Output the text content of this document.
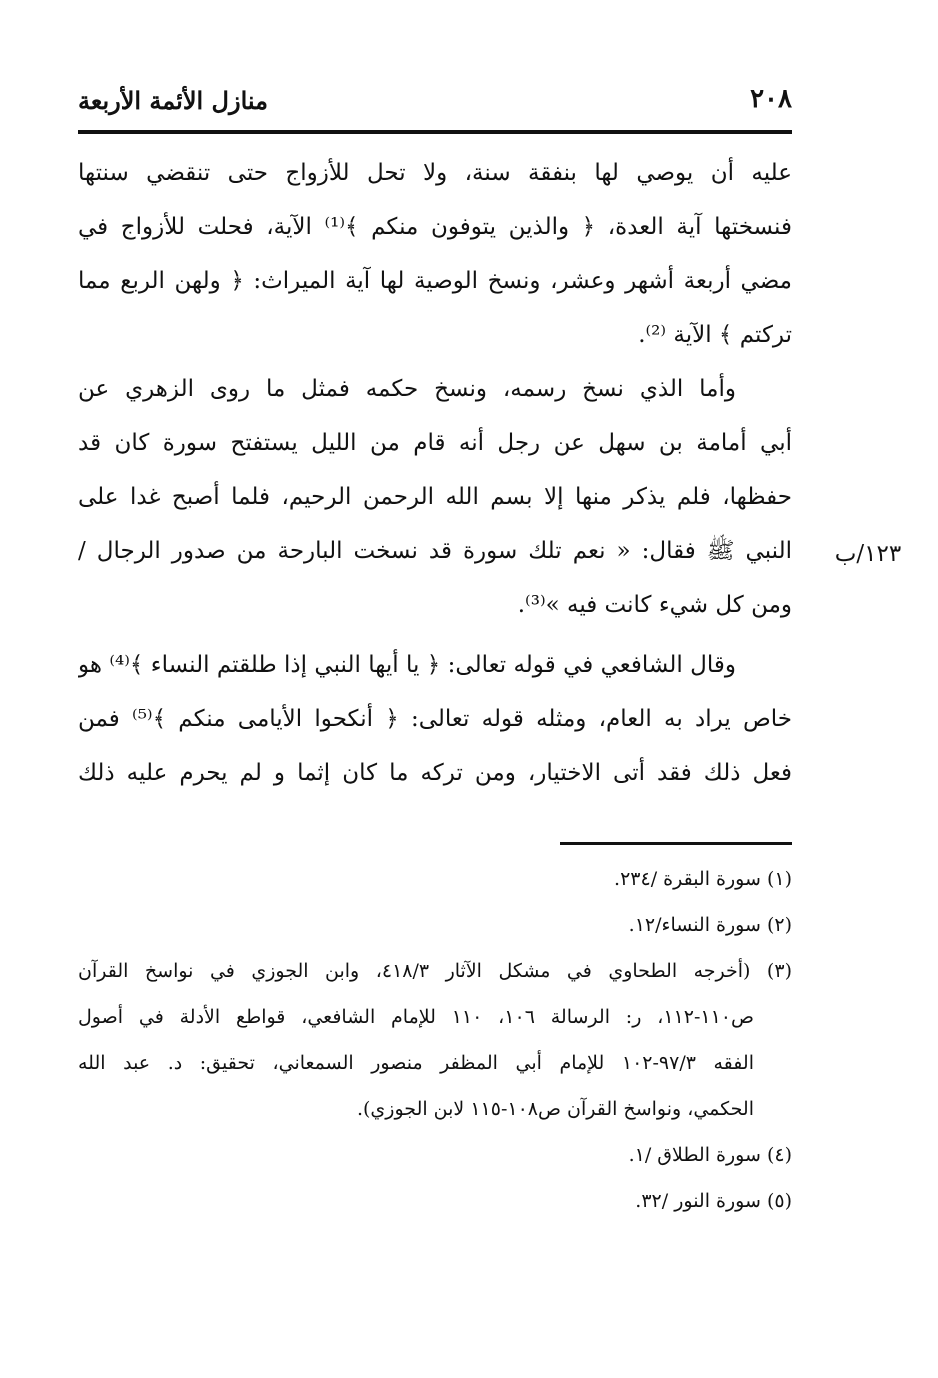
منازل الأئمة الأربعة	٢٠٨
عليه أن يوصي لها بنفقة سنة، ولا تحل للأزواج حتى تنقضي سنتها
فنسختها آية العدة، ﴿ والذين يتوفون منكم ﴾⁽¹⁾ الآية، فحلت للأزواج في
مضي أربعة أشهر وعشر، ونسخ الوصية لها آية الميراث: ﴿ ولهن الربع مما
تركتم ﴾ الآية ⁽²⁾.
وأما الذي نسخ رسمه، ونسخ حكمه فمثل ما روى الزهري عن
أبي أمامة بن سهل عن رجل أنه قام من الليل يستفتح سورة كان قد
حفظها، فلم يذكر منها إلا بسم الله الرحمن الرحيم، فلما أصبح غدا على
النبي ﷺ فقال: « نعم تلك سورة قد نسخت البارحة من صدور الرجال /
ومن كل شيء كانت فيه »⁽³⁾.
وقال الشافعي في قوله تعالى: ﴿ يا أيها النبي إذا طلقتم النساء ﴾⁽⁴⁾ هو
خاص يراد به العام، ومثله قوله تعالى: ﴿ أنكحوا الأيامى منكم ﴾⁽⁵⁾ فمن
فعل ذلك فقد أتى الاختيار، ومن تركه ما كان إثما و لم يحرم عليه ذلك
١٢٣/ب
(١) سورة البقرة /٢٣٤.
(٢) سورة النساء/١٢.
(٣) (أخرجه الطحاوي في مشكل الآثار ٤١٨/٣، وابن الجوزي في نواسخ القرآن
ص١١٠-١١٢، ر: الرسالة ١٠٦، ١١٠ للإمام الشافعي، قواطع الأدلة في أصول
الفقه ٩٧/٣-١٠٢ للإمام أبي المظفر منصور السمعاني، تحقيق: د. عبد الله
الحكمي، ونواسخ القرآن ص١٠٨-١١٥ لابن الجوزي).
(٤) سورة الطلاق /١.
(٥) سورة النور /٣٢.
